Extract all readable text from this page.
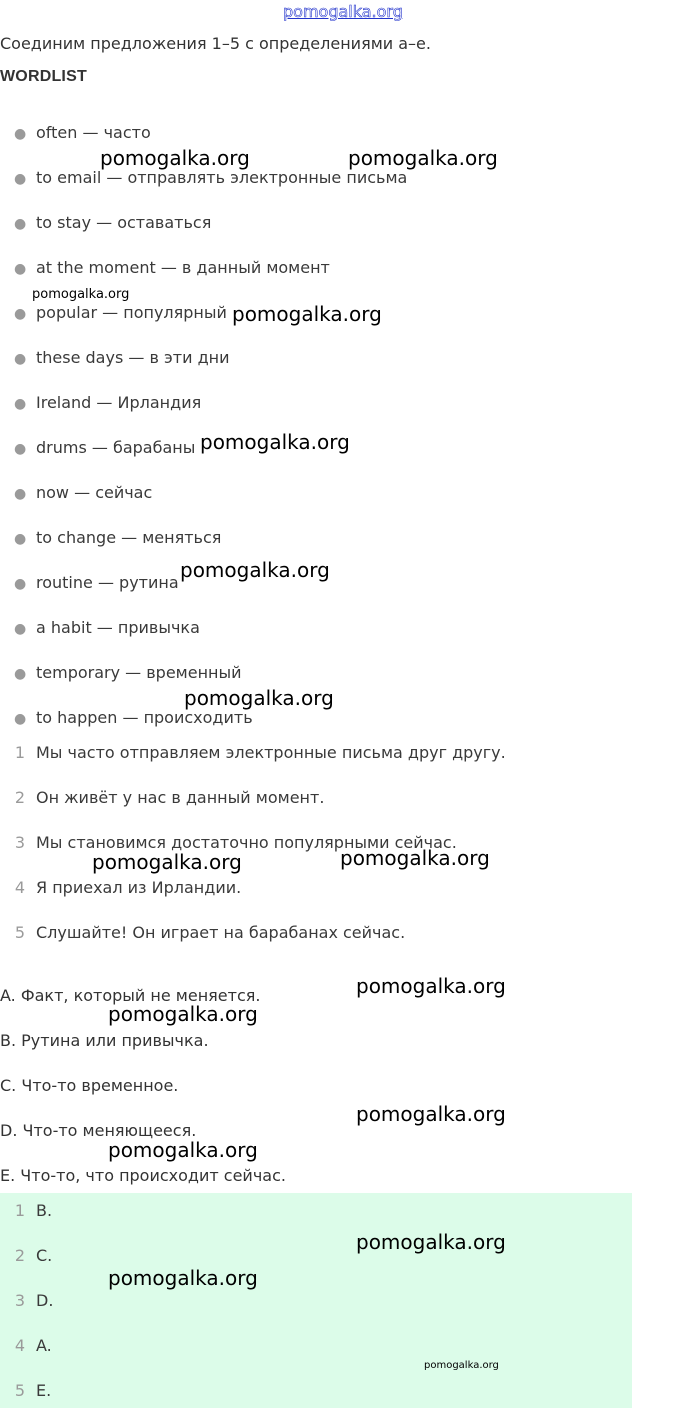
pomogalka.org
Соединим предложения 1–5 с определениями a–e.
WORDLIST
● often — часто
● to email — отправлять электронные письма
● to stay — оставаться
● at the moment — в данный момент
● popular — популярный
● these days — в эти дни
● Ireland — Ирландия
● drums — барабаны
● now — сейчас
● to change — меняться
● routine — рутина
● a habit — привычка
● temporary — временный
● to happen — происходить
1 Мы часто отправляем электронные письма друг другу.
2 Он живёт у нас в данный момент.
3 Мы становимся достаточно популярными сейчас.
4 Я приехал из Ирландии.
5 Слушайте! Он играет на барабанах сейчас.
A. Факт, который не меняется.
B. Рутина или привычка.
C. Что-то временное.
D. Что-то меняющееся.
E. Что-то, что происходит сейчас.
1 B.
2 C.
3 D.
4 A.
5 E.
pomogalka.org	pomogalka.org
pomogalka.org
pomogalka.org
pomogalka.org
pomogalka.org
pomogalka.org
pomogalka.org
pomogalka.org
pomogalka.org
pomogalka.org
pomogalka.org
pomogalka.org
pomogalka.org
pomogalka.org
pomogalka.org
